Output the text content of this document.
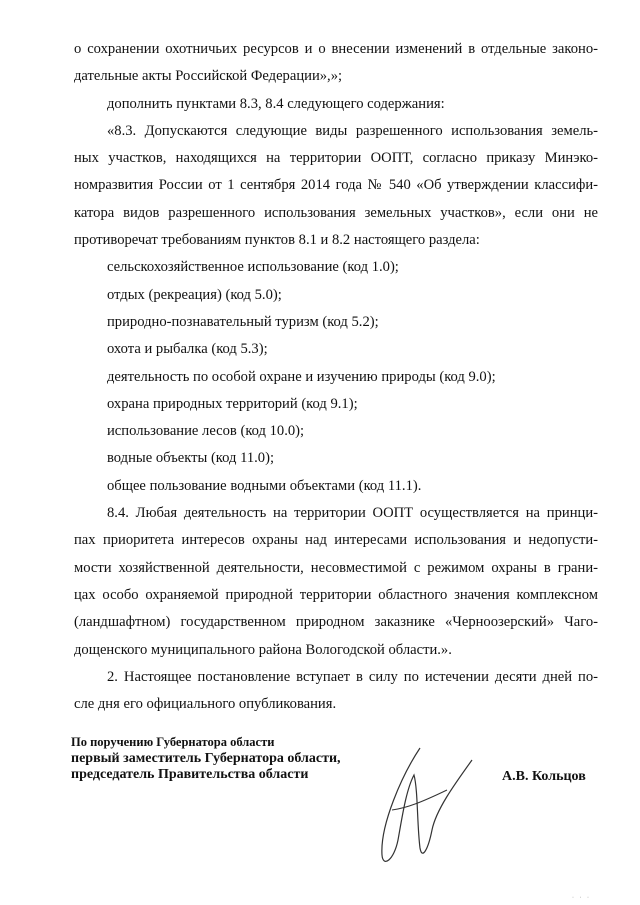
о сохранении охотничьих ресурсов и о внесении изменений в отдельные законо-
дательные акты Российской Федерации»,»;
дополнить пунктами 8.3, 8.4 следующего содержания:
«8.3. Допускаются следующие виды разрешенного использования земель-
ных участков, находящихся на территории ООПТ, согласно приказу Минэко-
номразвития России от 1 сентября 2014 года № 540 «Об утверждении классифи-
катора видов разрешенного использования земельных участков», если они не
противоречат требованиям пунктов 8.1 и 8.2 настоящего раздела:
сельскохозяйственное использование (код 1.0);
отдых (рекреация) (код 5.0);
природно-познавательный туризм (код 5.2);
охота и рыбалка (код 5.3);
деятельность по особой охране и изучению природы (код 9.0);
охрана природных территорий (код 9.1);
использование лесов (код 10.0);
водные объекты (код 11.0);
общее пользование водными объектами (код 11.1).
8.4. Любая деятельность на территории ООПТ осуществляется на принци-
пах приоритета интересов охраны над интересами использования и недопусти-
мости хозяйственной деятельности, несовместимой с режимом охраны в грани-
цах особо охраняемой природной территории областного значения комплексном
(ландшафтном) государственном природном заказнике «Черноозерский» Чаго-
дощенского муниципального района Вологодской области.».
2. Настоящее постановление вступает в силу по истечении десяти дней по-
сле дня его официального опубликования.
По поручению Губернатора области
первый заместитель Губернатора области,
председатель Правительства области	А.В. Кольцов
· · ·
